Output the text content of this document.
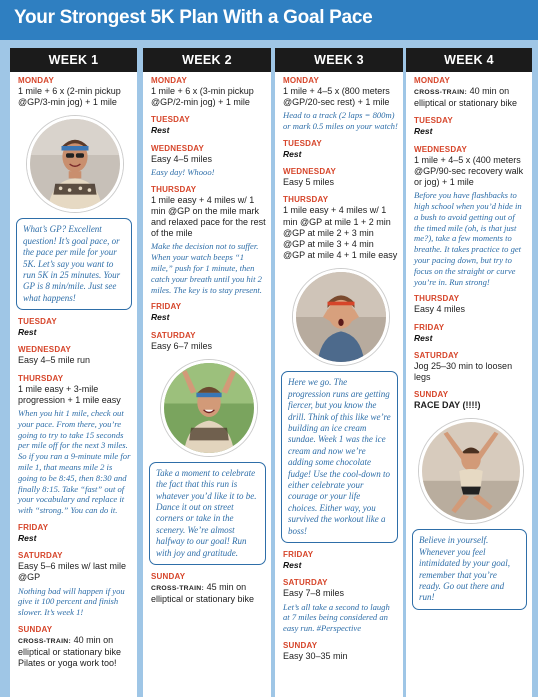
Your Strongest 5K Plan With a Goal Pace
WEEK 1
MONDAY
1 mile + 6 x (2-min pickup @GP/3-min jog) + 1 mile
What’s GP? Excellent question! It’s goal pace, or the pace per mile for your 5K. Let’s say you want to run 5K in 25 minutes. Your GP is 8 min/mile. Just see what happens!
TUESDAY
Rest
WEDNESDAY
Easy 4–5 mile run
THURSDAY
1 mile easy + 3-mile progression + 1 mile easy
When you hit 1 mile, check out your pace. From there, you’re going to try to take 15 seconds per mile off for the next 3 miles. So if you ran a 9-minute mile for mile 1, that means mile 2 is going to be 8:45, then 8:30 and finally 8:15. Take “fast” out of your vocabulary and replace it with “strong.” You can do it.
FRIDAY
Rest
SATURDAY
Easy 5–6 miles w/ last mile @GP
Nothing bad will happen if you give it 100 percent and finish slower. It’s week 1!
SUNDAY
CROSS-TRAIN: 40 min on elliptical or stationary bike Pilates or yoga work too!
WEEK 2
MONDAY
1 mile + 6 x (3-min pickup @GP/2-min jog) + 1 mile
TUESDAY
Rest
WEDNESDAY
Easy 4–5 miles
Easy day! Whooo!
THURSDAY
1 mile easy + 4 miles w/ 1 min @GP on the mile mark and relaxed pace for the rest of the mile
Make the decision not to suffer. When your watch beeps “1 mile,” push for 1 minute, then catch your breath until you hit 2 miles. The key is to stay present.
FRIDAY
Rest
SATURDAY
Easy 6–7 miles
Take a moment to celebrate the fact that this run is whatever you’d like it to be. Dance it out on street corners or take in the scenery. We’re almost halfway to our goal! Run with joy and gratitude.
SUNDAY
CROSS-TRAIN: 45 min on elliptical or stationary bike
WEEK 3
MONDAY
1 mile + 4–5 x (800 meters @GP/20-sec rest) + 1 mile
Head to a track (2 laps = 800m) or mark 0.5 miles on your watch!
TUESDAY
Rest
WEDNESDAY
Easy 5 miles
THURSDAY
1 mile easy + 4 miles w/ 1 min @GP at mile 1 + 2 min @GP at mile 2 + 3 min @GP at mile 3 + 4 min @GP at mile 4 + 1 mile easy
Here we go. The progression runs are getting fiercer, but you know the drill. Think of this like we’re building an ice cream sundae. Week 1 was the ice cream and now we’re adding some chocolate fudge! Use the cool-down to either celebrate your courage or your life choices. Either way, you survived the workout like a boss!
FRIDAY
Rest
SATURDAY
Easy 7–8 miles
Let’s all take a second to laugh at 7 miles being considered an easy run. #Perspective
SUNDAY
Easy 30–35 min
WEEK 4
MONDAY
CROSS-TRAIN: 40 min on elliptical or stationary bike
TUESDAY
Rest
WEDNESDAY
1 mile + 4–5 x (400 meters @GP/90-sec recovery walk or jog) + 1 mile
Before you have flashbacks to high school when you’d hide in a bush to avoid getting out of the timed mile (oh, is that just me?), take a few moments to breathe. It takes practice to get your pacing down, but try to focus on the straight or curve you’re in. Run strong!
THURSDAY
Easy 4 miles
FRIDAY
Rest
SATURDAY
Jog 25–30 min to loosen legs
SUNDAY
RACE DAY (!!!!)
Believe in yourself. Whenever you feel intimidated by your goal, remember that you’re ready. Go out there and run!
